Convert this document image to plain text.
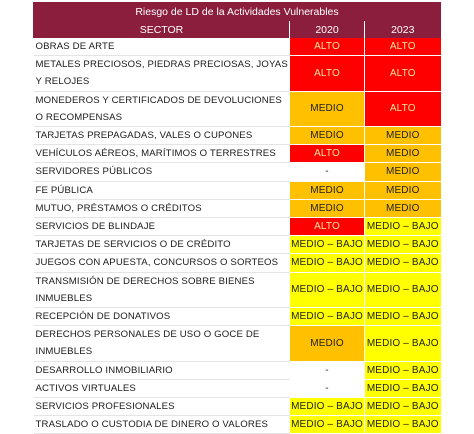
Riesgo de LD de la Actividades Vulnerables		
SECTOR	2020	2023
OBRAS DE ARTE	ALTO	ALTO
METALES PRECIOSOS, PIEDRAS PRECIOSAS, JOYAS Y RELOJES	ALTO	ALTO
MONEDEROS Y CERTIFICADOS DE DEVOLUCIONES O RECOMPENSAS	MEDIO	ALTO
TARJETAS PREPAGADAS, VALES O CUPONES	MEDIO	MEDIO
VEHÍCULOS AÉREOS, MARÍTIMOS O TERRESTRES	ALTO	MEDIO
SERVIDORES PÚBLICOS	-	MEDIO
FE PÚBLICA	MEDIO	MEDIO
MUTUO, PRÉSTAMOS O CRÉDITOS	MEDIO	MEDIO
SERVICIOS DE BLINDAJE	ALTO	MEDIO – BAJO
TARJETAS DE SERVICIOS O DE CRÉDITO	MEDIO – BAJO	MEDIO – BAJO
JUEGOS CON APUESTA, CONCURSOS O SORTEOS	MEDIO – BAJO	MEDIO – BAJO
TRANSMISIÓN DE DERECHOS SOBRE BIENES INMUEBLES	MEDIO – BAJO	MEDIO – BAJO
RECEPCIÓN DE DONATIVOS	MEDIO – BAJO	MEDIO – BAJO
DERECHOS PERSONALES DE USO O GOCE DE INMUEBLES	MEDIO	MEDIO – BAJO
DESARROLLO INMOBILIARIO	-	MEDIO – BAJO
ACTIVOS VIRTUALES	-	MEDIO – BAJO
SERVICIOS PROFESIONALES	MEDIO – BAJO	MEDIO – BAJO
TRASLADO O CUSTODIA DE DINERO O VALORES	MEDIO – BAJO	MEDIO – BAJO
